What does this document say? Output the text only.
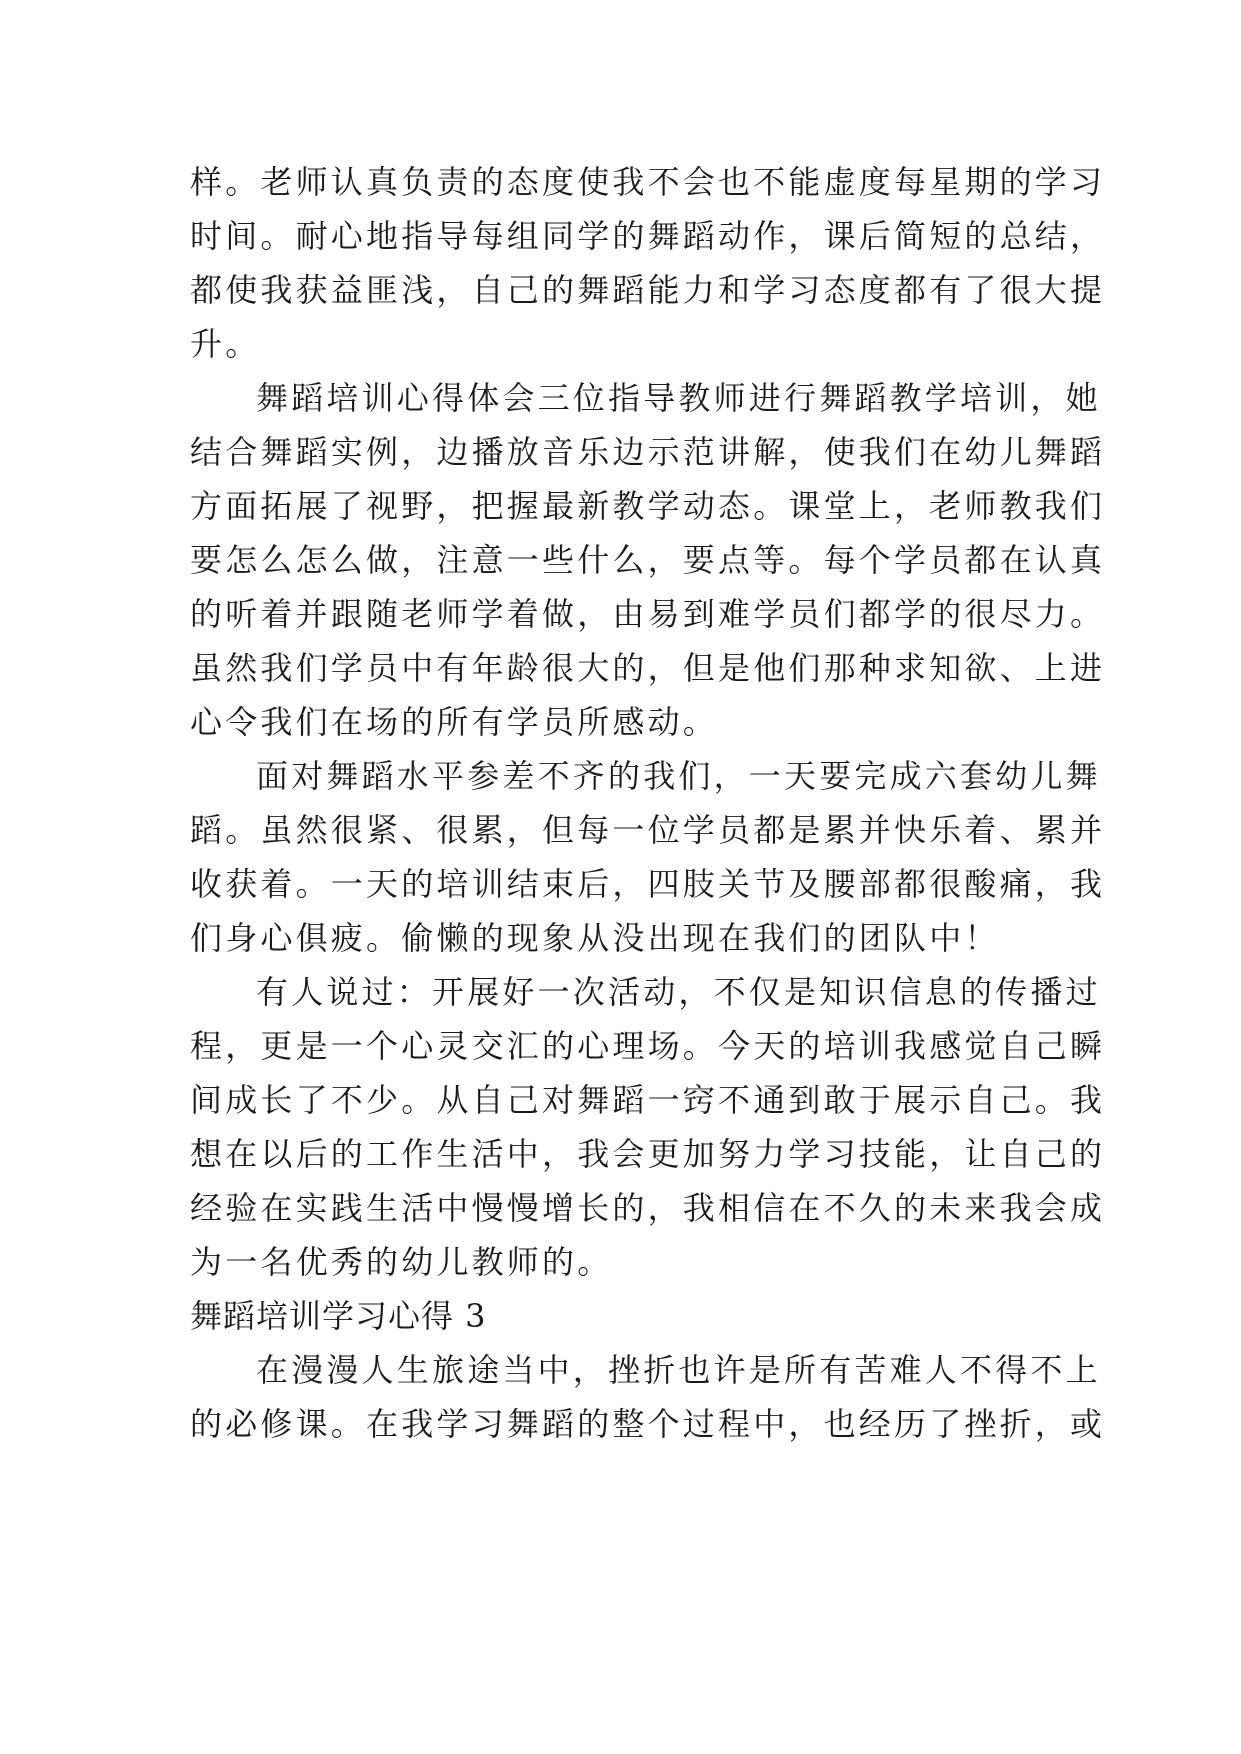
样。老师认真负责的态度使我不会也不能虚度每星期的学习
时间。耐心地指导每组同学的舞蹈动作，课后简短的总结，
都使我获益匪浅，自己的舞蹈能力和学习态度都有了很大提
升。
舞蹈培训心得体会三位指导教师进行舞蹈教学培训，她
结合舞蹈实例，边播放音乐边示范讲解，使我们在幼儿舞蹈
方面拓展了视野，把握最新教学动态。课堂上，老师教我们
要怎么怎么做，注意一些什么，要点等。每个学员都在认真
的听着并跟随老师学着做，由易到难学员们都学的很尽力。
虽然我们学员中有年龄很大的，但是他们那种求知欲、上进
心令我们在场的所有学员所感动。
面对舞蹈水平参差不齐的我们，一天要完成六套幼儿舞
蹈。虽然很紧、很累，但每一位学员都是累并快乐着、累并
收获着。一天的培训结束后，四肢关节及腰部都很酸痛，我
们身心俱疲。偷懒的现象从没出现在我们的团队中！
有人说过：开展好一次活动，不仅是知识信息的传播过
程，更是一个心灵交汇的心理场。今天的培训我感觉自己瞬
间成长了不少。从自己对舞蹈一窍不通到敢于展示自己。我
想在以后的工作生活中，我会更加努力学习技能，让自己的
经验在实践生活中慢慢增长的，我相信在不久的未来我会成
为一名优秀的幼儿教师的。
舞蹈培训学习心得 3
在漫漫人生旅途当中，挫折也许是所有苦难人不得不上
的必修课。在我学习舞蹈的整个过程中，也经历了挫折，或
